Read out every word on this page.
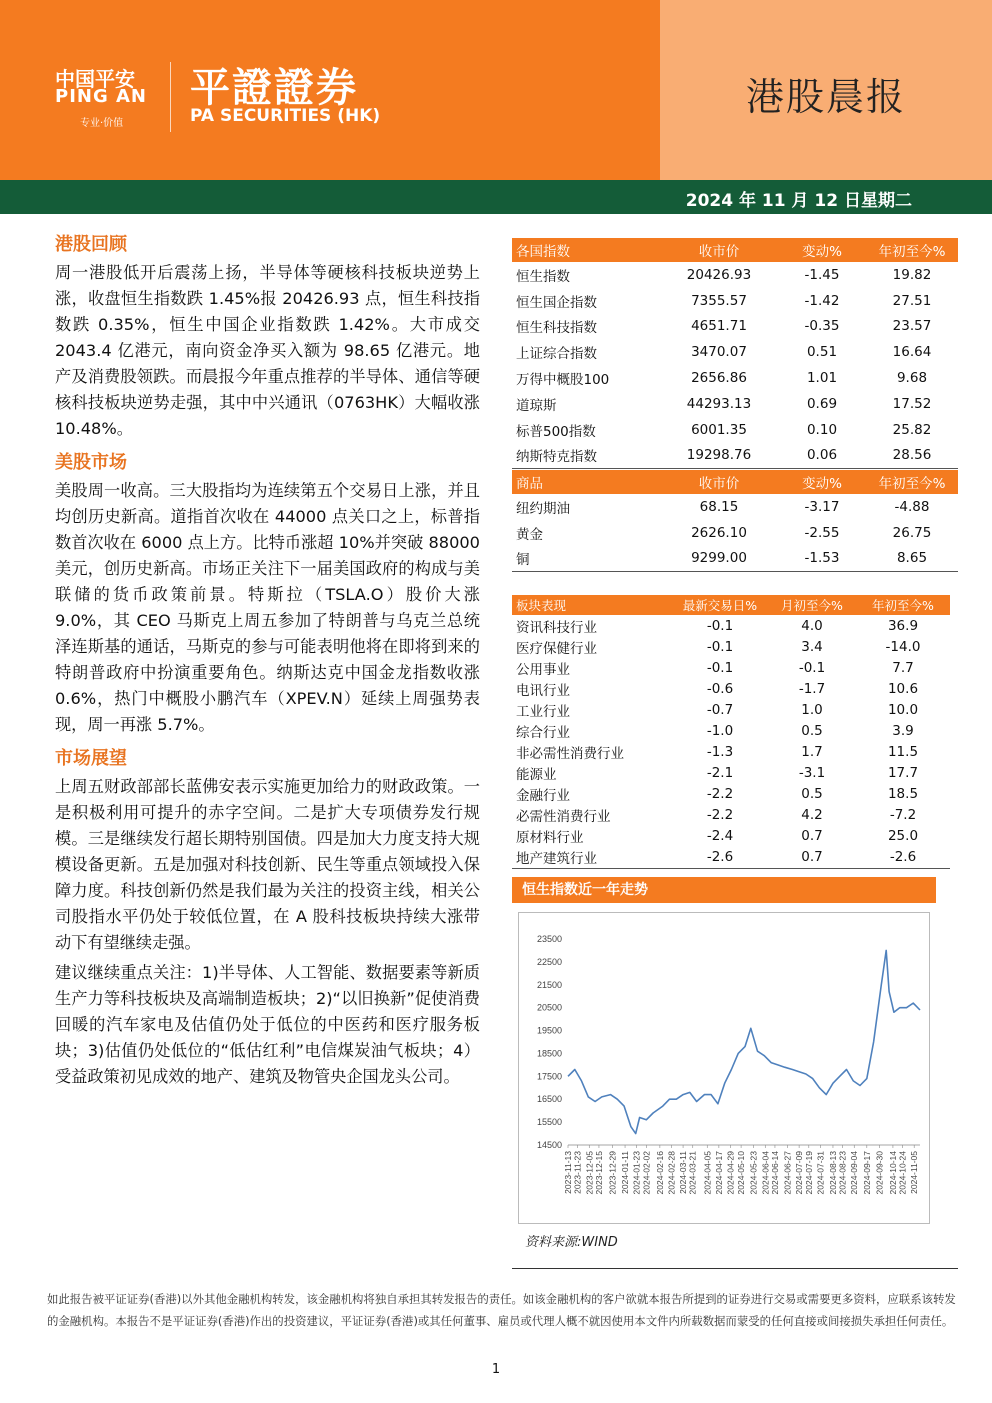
中国平安
PING AN
专业·价值
平證證券
PA SECURITIES (HK)	港股晨报
2024 年 11 月 12 日星期二
港股回顾

周一港股低开后震荡上扬，半导体等硬核科技板块逆势上涨，收盘恒生指数跌 1.45%报 20426.93 点，恒生科技指数跌 0.35%，恒生中国企业指数跌 1.42%。大市成交 2043.4 亿港元，南向资金净买入额为 98.65 亿港元。地产及消费股领跌。而晨报今年重点推荐的半导体、通信等硬核科技板块逆势走强，其中中兴通讯（0763HK）大幅收涨 10.48%。

美股市场

美股周一收高。三大股指均为连续第五个交易日上涨，并且均创历史新高。道指首次收在 44000 点关口之上，标普指数首次收在 6000 点上方。比特币涨超 10%并突破 88000 美元，创历史新高。市场正关注下一届美国政府的构成与美联储的货币政策前景。特斯拉（TSLA.O）股价大涨 9.0%，其 CEO 马斯克上周五参加了特朗普与乌克兰总统泽连斯基的通话，马斯克的参与可能表明他将在即将到来的特朗普政府中扮演重要角色。纳斯达克中国金龙指数收涨 0.6%，热门中概股小鹏汽车（XPEV.N）延续上周强势表现，周一再涨 5.7%。

市场展望

上周五财政部部长蓝佛安表示实施更加给力的财政政策。一是积极利用可提升的赤字空间。二是扩大专项债券发行规模。三是继续发行超长期特别国债。四是加大力度支持大规模设备更新。五是加强对科技创新、民生等重点领域投入保障力度。科技创新仍然是我们最为关注的投资主线，相关公司股指水平仍处于较低位置，在 A 股科技板块持续大涨带动下有望继续走强。

建议继续重点关注：1)半导体、人工智能、数据要素等新质生产力等科技板块及高端制造板块；2)“以旧换新”促使消费回暖的汽车家电及估值仍处于低位的中医药和医疗服务板块；3)估值仍处低位的“低估红利”电信煤炭油气板块；4）受益政策初见成效的地产、建筑及物管央企国龙头公司。

各国指数	收市价	变动%	年初至今%
恒生指数	20426.93	-1.45	19.82
恒生国企指数	7355.57	-1.42	27.51
恒生科技指数	4651.71	-0.35	23.57
上证综合指数	3470.07	0.51	16.64
万得中概股100	2656.86	1.01	9.68
道琼斯	44293.13	0.69	17.52
标普500指数	6001.35	0.10	25.82
纳斯特克指数	19298.76	0.06	28.56
商品	收市价	变动%	年初至今%
纽约期油	68.15	-3.17	-4.88
黄金	2626.10	-2.55	26.75
铜	9299.00	-1.53	8.65
板块表现	最新交易日%	月初至今%	年初至今%
资讯科技行业	-0.1	4.0	36.9
医疗保健行业	-0.1	3.4	-14.0
公用事业	-0.1	-0.1	7.7
电讯行业	-0.6	-1.7	10.6
工业行业	-0.7	1.0	10.0
综合行业	-1.0	0.5	3.9
非必需性消费行业	-1.3	1.7	11.5
能源业	-2.1	-3.1	17.7
金融行业	-2.2	0.5	18.5
必需性消费行业	-2.2	4.2	-7.2
原材料行业	-2.4	0.7	25.0
地产建筑行业	-2.6	0.7	-2.6
恒生指数近一年走势
14500
15500
16500
17500
18500
19500
20500
21500
22500
23500
2023-11-13 2023-11-23 2023-12-05 2023-12-15 2023-12-29 2024-01-11 2024-01-23 2024-02-02 2024-02-16 2024-02-28 2024-03-11 2024-03-21 2024-04-05 2024-04-17 2024-04-29 2024-05-10 2024-05-23 2024-06-04 2024-06-14 2024-06-27 2024-07-09 2024-07-19 2024-07-31 2024-08-13 2024-08-23 2024-09-04 2024-09-17 2024-09-30 2024-10-14 2024-10-24 2024-11-05
资料来源:WIND
如此报告被平证证券(香港)以外其他金融机构转发，该金融机构将独自承担其转发报告的责任。如该金融机构的客户欲就本报告所提到的证券进行交易或需要更多资料，应联系该转发的金融机构。本报告不是平证证券(香港)作出的投资建议，平证证券(香港)或其任何董事、雇员或代理人概不就因使用本文件内所载数据而蒙受的任何直接或间接损失承担任何责任。
1
